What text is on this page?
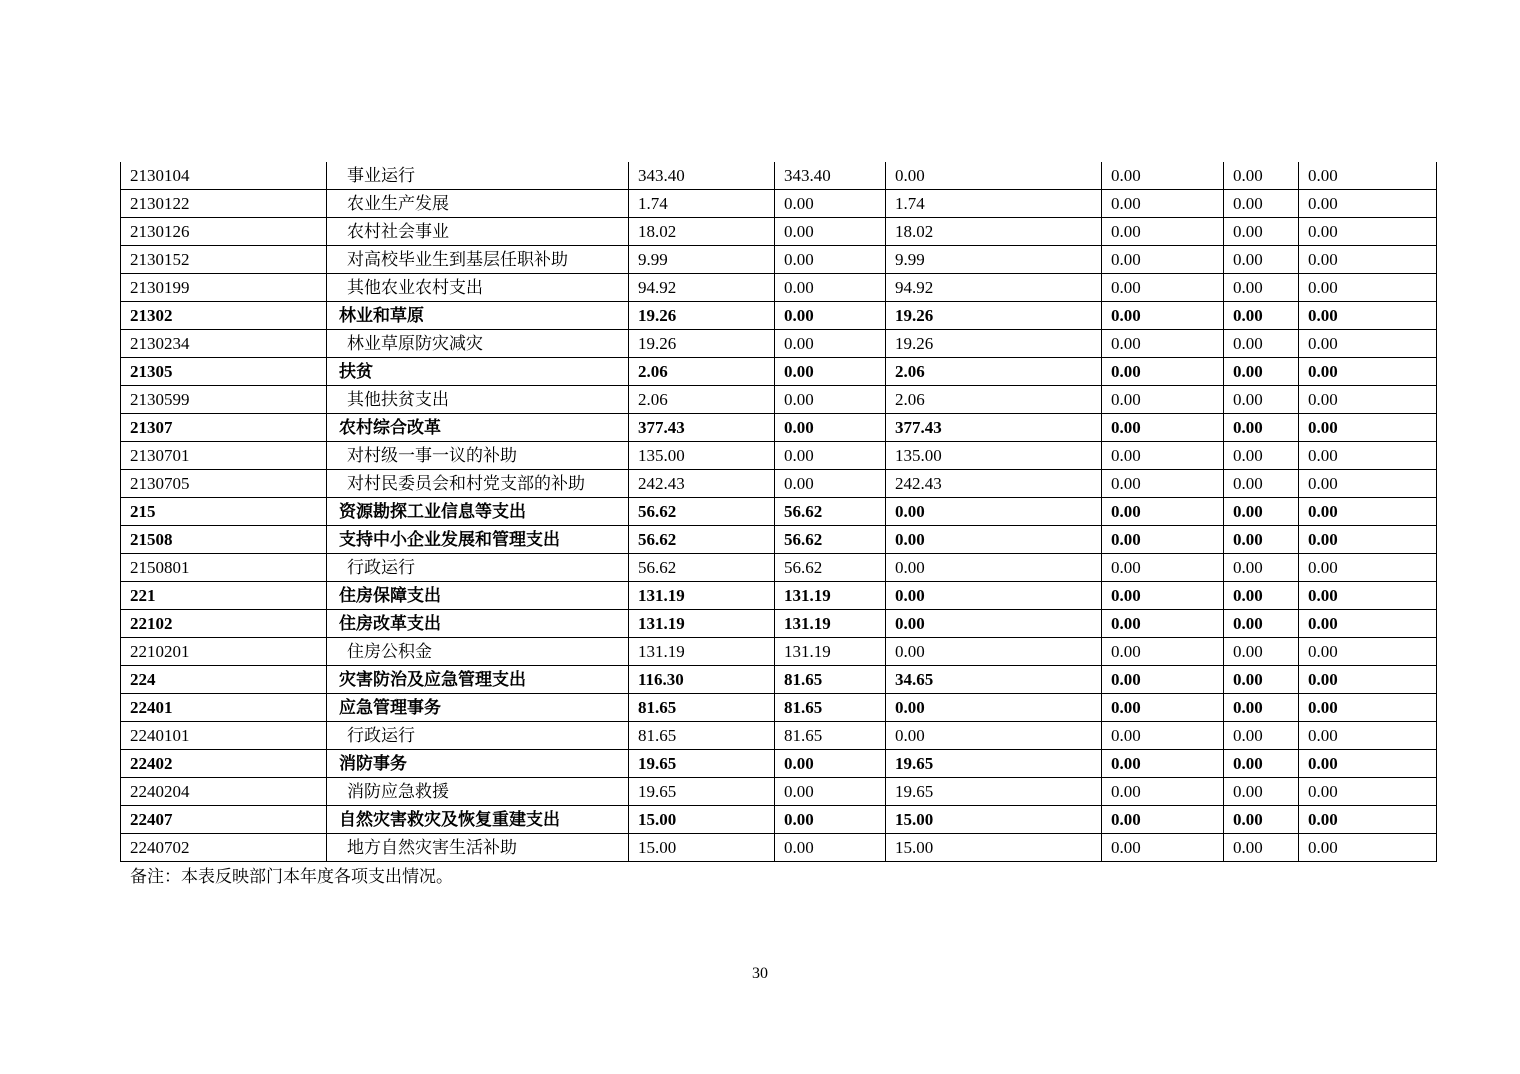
2130104	事业运行	343.40	343.40	0.00	0.00	0.00	0.00
2130122	农业生产发展	1.74	0.00	1.74	0.00	0.00	0.00
2130126	农村社会事业	18.02	0.00	18.02	0.00	0.00	0.00
2130152	对高校毕业生到基层任职补助	9.99	0.00	9.99	0.00	0.00	0.00
2130199	其他农业农村支出	94.92	0.00	94.92	0.00	0.00	0.00
21302	林业和草原	19.26	0.00	19.26	0.00	0.00	0.00
2130234	林业草原防灾减灾	19.26	0.00	19.26	0.00	0.00	0.00
21305	扶贫	2.06	0.00	2.06	0.00	0.00	0.00
2130599	其他扶贫支出	2.06	0.00	2.06	0.00	0.00	0.00
21307	农村综合改革	377.43	0.00	377.43	0.00	0.00	0.00
2130701	对村级一事一议的补助	135.00	0.00	135.00	0.00	0.00	0.00
2130705	对村民委员会和村党支部的补助	242.43	0.00	242.43	0.00	0.00	0.00
215	资源勘探工业信息等支出	56.62	56.62	0.00	0.00	0.00	0.00
21508	支持中小企业发展和管理支出	56.62	56.62	0.00	0.00	0.00	0.00
2150801	行政运行	56.62	56.62	0.00	0.00	0.00	0.00
221	住房保障支出	131.19	131.19	0.00	0.00	0.00	0.00
22102	住房改革支出	131.19	131.19	0.00	0.00	0.00	0.00
2210201	住房公积金	131.19	131.19	0.00	0.00	0.00	0.00
224	灾害防治及应急管理支出	116.30	81.65	34.65	0.00	0.00	0.00
22401	应急管理事务	81.65	81.65	0.00	0.00	0.00	0.00
2240101	行政运行	81.65	81.65	0.00	0.00	0.00	0.00
22402	消防事务	19.65	0.00	19.65	0.00	0.00	0.00
2240204	消防应急救援	19.65	0.00	19.65	0.00	0.00	0.00
22407	自然灾害救灾及恢复重建支出	15.00	0.00	15.00	0.00	0.00	0.00
2240702	地方自然灾害生活补助	15.00	0.00	15.00	0.00	0.00	0.00
备注：本表反映部门本年度各项支出情况。
30
